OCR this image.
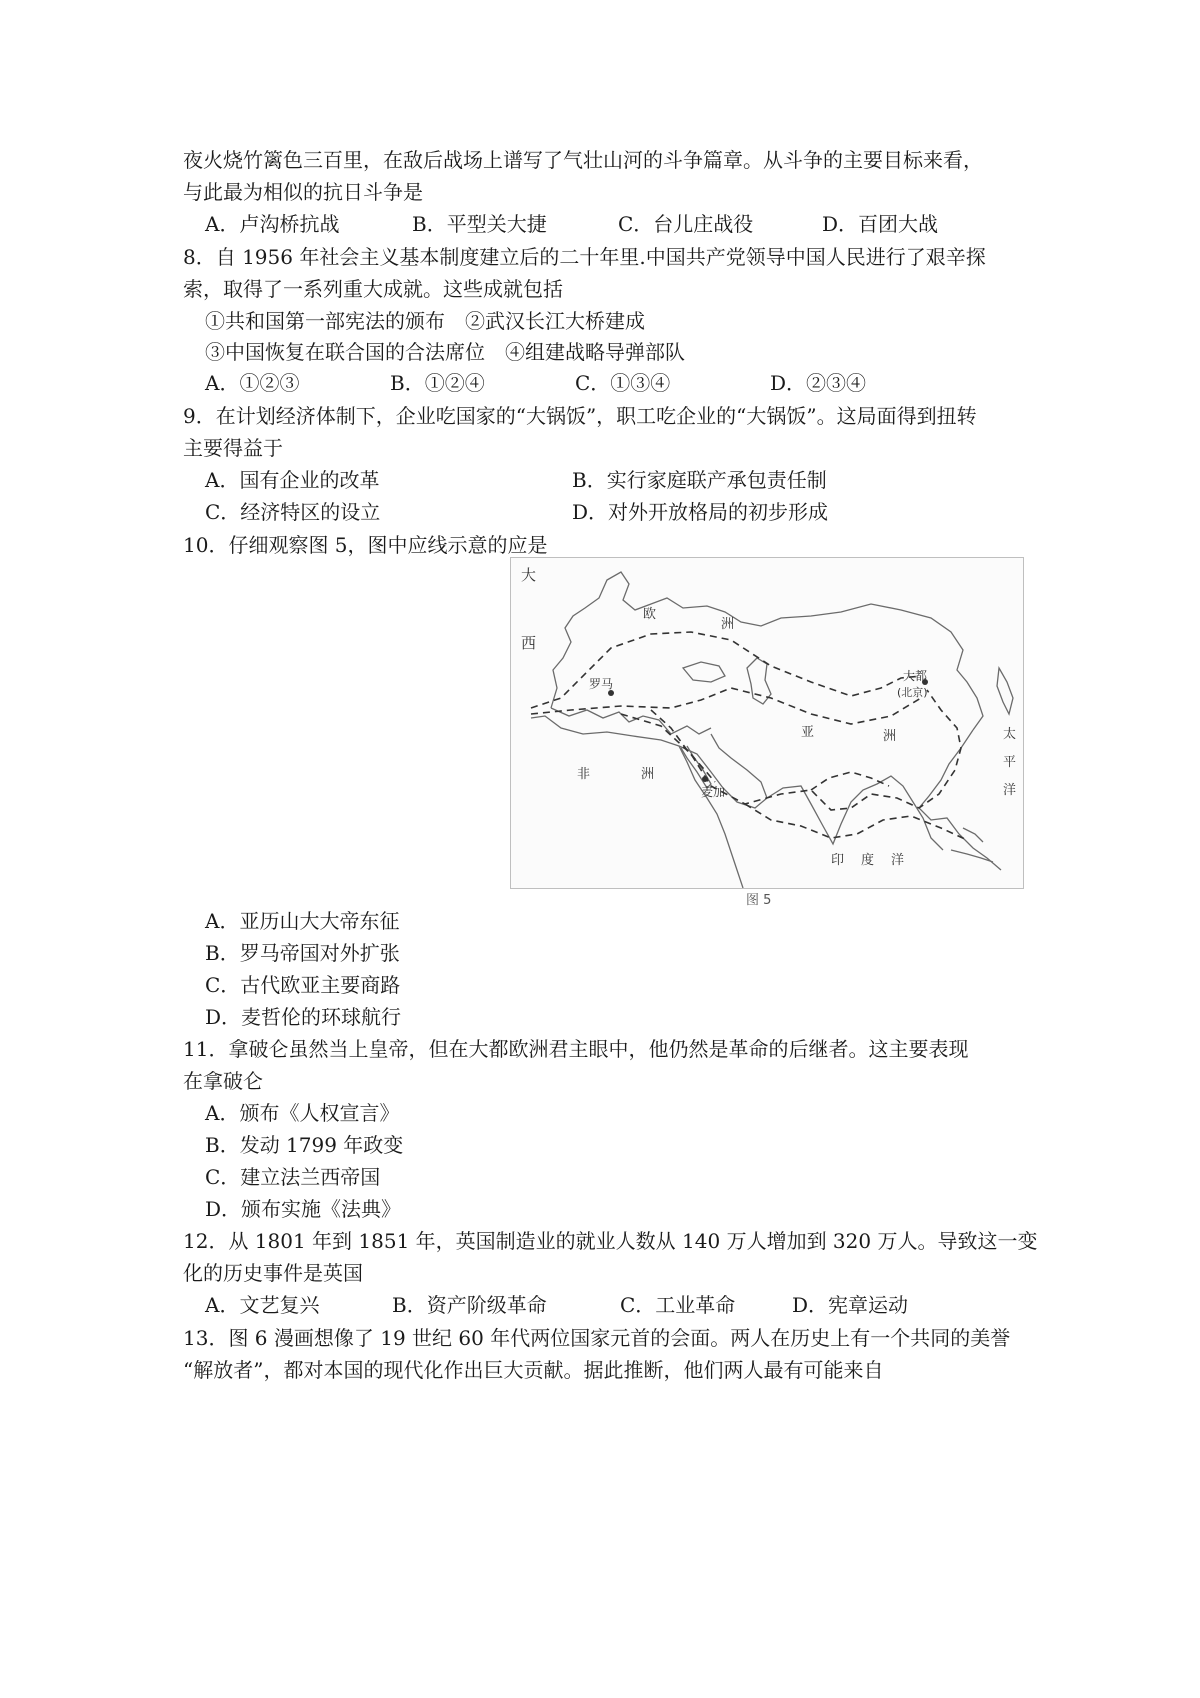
夜火烧竹篱色三百里，在敌后战场上谱写了气壮山河的斗争篇章。从斗争的主要目标来看，
与此最为相似的抗日斗争是
A．卢沟桥抗战	B．平型关大捷	C．台儿庄战役	D．百团大战
8．自 1956 年社会主义基本制度建立后的二十年里.中国共产党领导中国人民进行了艰辛探
索，取得了一系列重大成就。这些成就包括
①共和国第一部宪法的颁布　②武汉长江大桥建成
③中国恢复在联合国的合法席位　④组建战略导弹部队
A．①②③	B．①②④	C．①③④	D．②③④
9．在计划经济体制下，企业吃国家的“大锅饭”，职工吃企业的“大锅饭”。这局面得到扭转
主要得益于
A．国有企业的改革	B．实行家庭联产承包责任制
C．经济特区的设立	D．对外开放格局的初步形成
10．仔细观察图 5，图中应线示意的应是
大
西
欧
洲
罗马
亚	洲
非	洲
麦加
大都
(北京)
太
平
洋
印 度 洋
图 5
A．亚历山大大帝东征
B．罗马帝国对外扩张
C．古代欧亚主要商路
D．麦哲伦的环球航行
11．拿破仑虽然当上皇帝，但在大都欧洲君主眼中，他仍然是革命的后继者。这主要表现
在拿破仑
A．颁布《人权宣言》
B．发动 1799 年政变
C．建立法兰西帝国
D．颁布实施《法典》
12．从 1801 年到 1851 年，英国制造业的就业人数从 140 万人增加到 320 万人。导致这一变
化的历史事件是英国
A．文艺复兴	B．资产阶级革命	C．工业革命	D．宪章运动
13．图 6 漫画想像了 19 世纪 60 年代两位国家元首的会面。两人在历史上有一个共同的美誉
“解放者”，都对本国的现代化作出巨大贡献。据此推断，他们两人最有可能来自
